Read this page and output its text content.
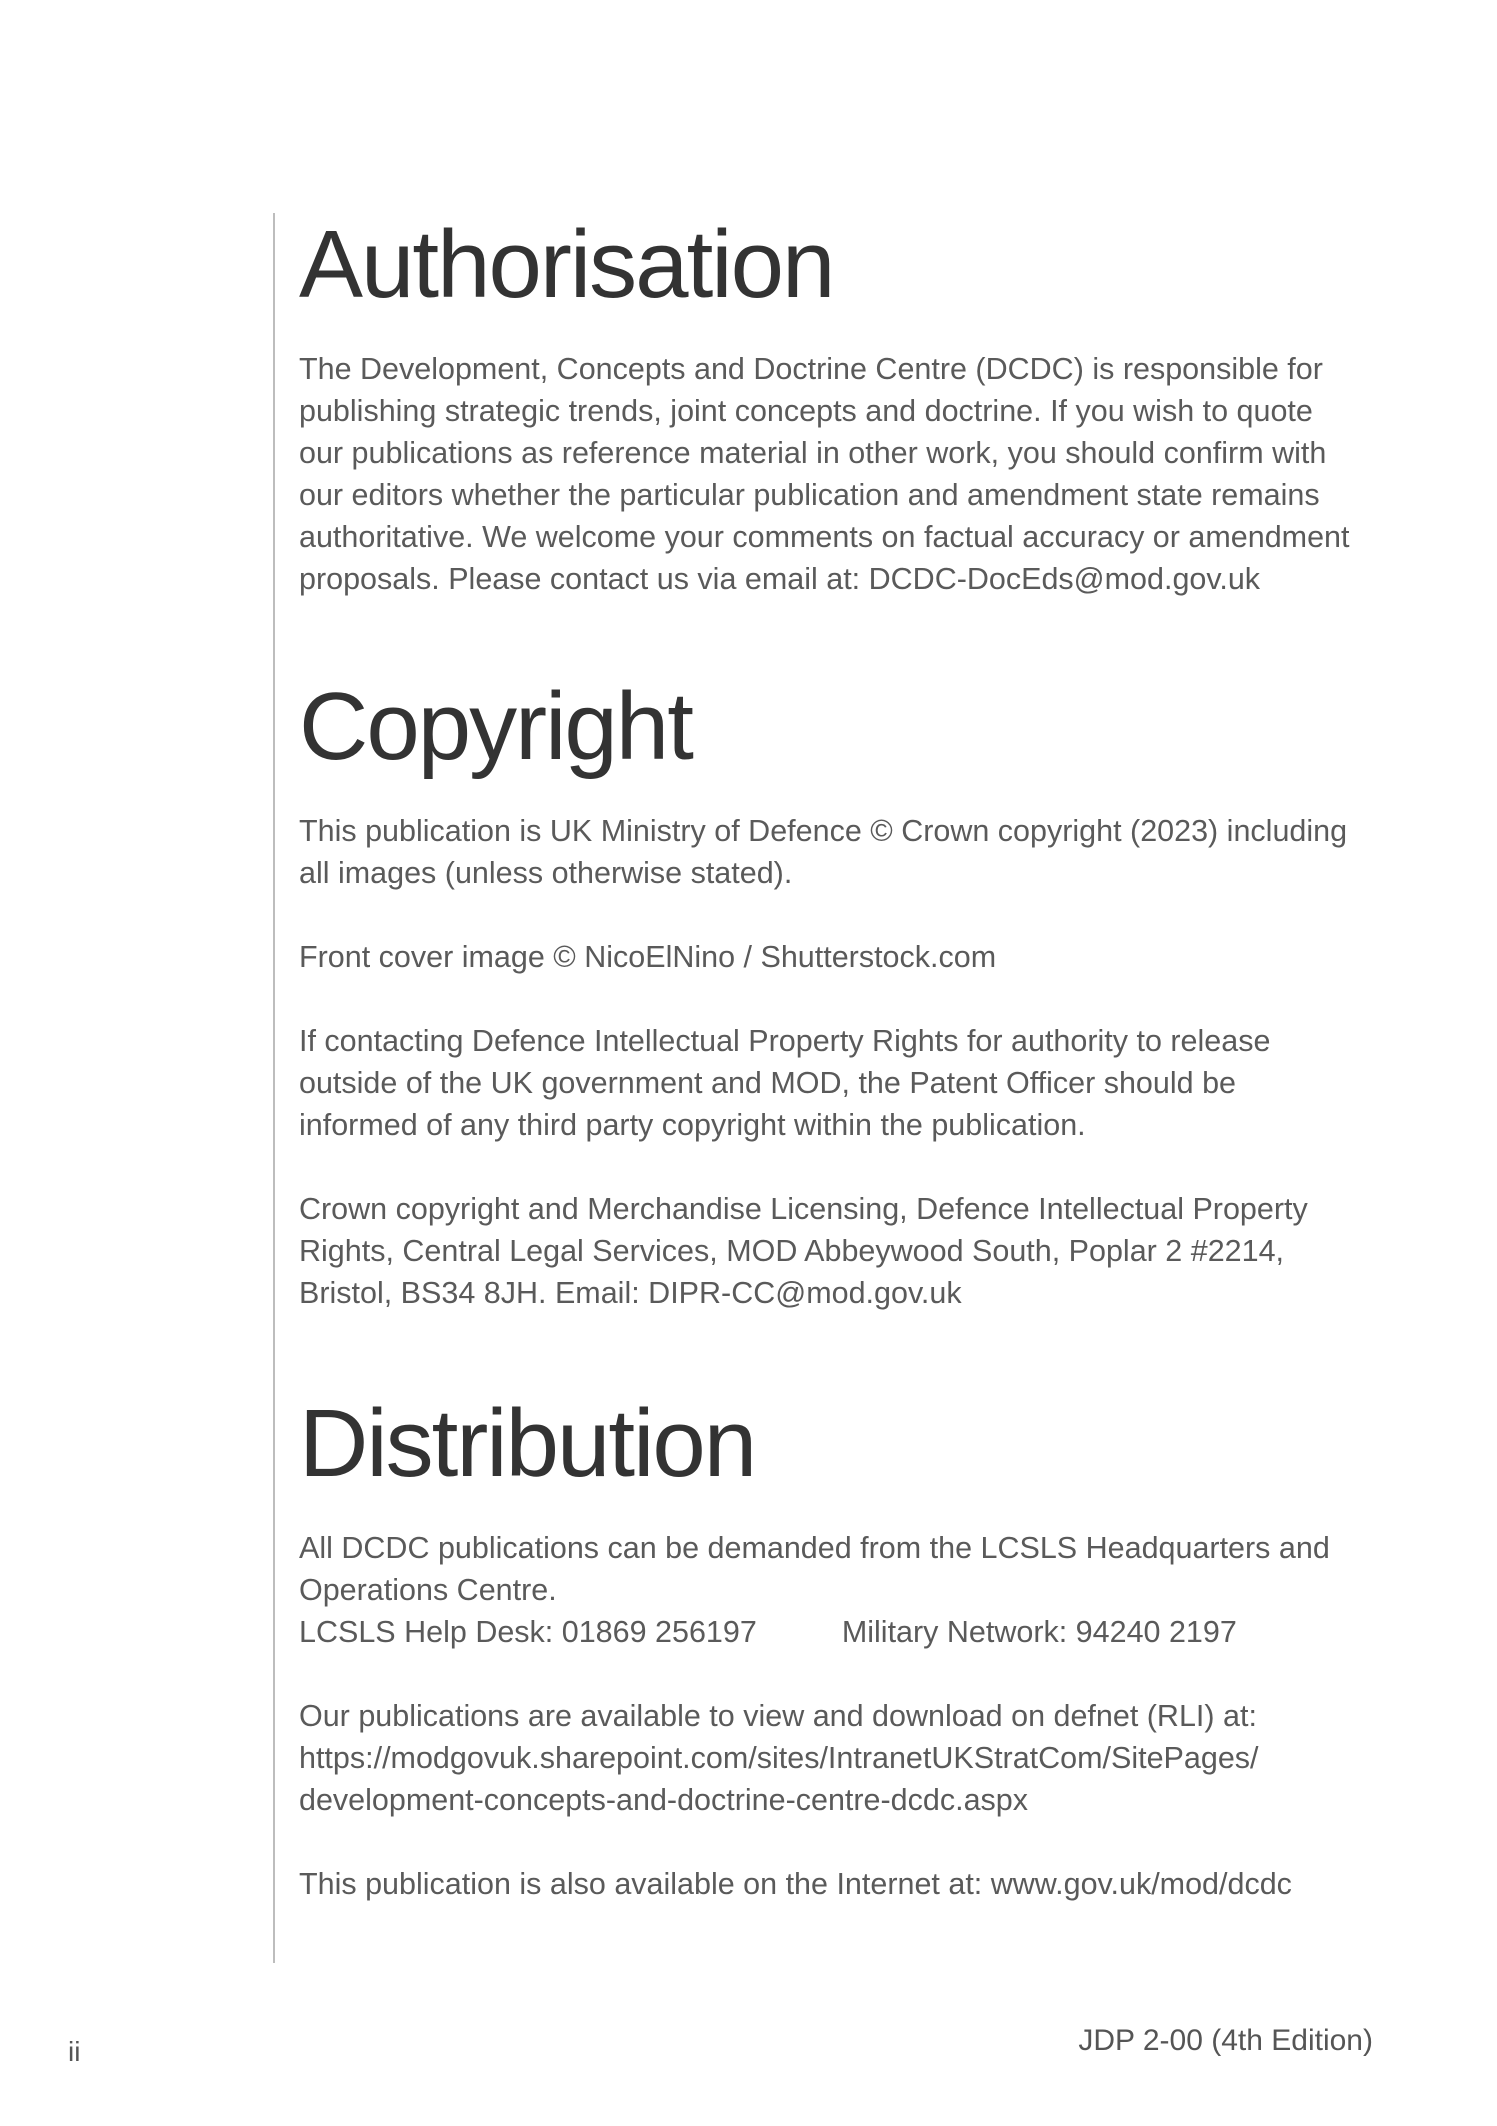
Authorisation

The Development, Concepts and Doctrine Centre (DCDC) is responsible for
publishing strategic trends, joint concepts and doctrine. If you wish to quote
our publications as reference material in other work, you should confirm with
our editors whether the particular publication and amendment state remains
authoritative. We welcome your comments on factual accuracy or amendment
proposals. Please contact us via email at: DCDC-DocEds@mod.gov.uk

Copyright

This publication is UK Ministry of Defence © Crown copyright (2023) including
all images (unless otherwise stated).

Front cover image © NicoElNino / Shutterstock.com

If contacting Defence Intellectual Property Rights for authority to release
outside of the UK government and MOD, the Patent Officer should be
informed of any third party copyright within the publication.

Crown copyright and Merchandise Licensing, Defence Intellectual Property
Rights, Central Legal Services, MOD Abbeywood South, Poplar 2 #2214,
Bristol, BS34 8JH. Email: DIPR-CC@mod.gov.uk

Distribution

All DCDC publications can be demanded from the LCSLS Headquarters and
Operations Centre.
LCSLS Help Desk: 01869 256197	Military Network: 94240 2197

Our publications are available to view and download on defnet (RLI) at:
https://modgovuk.sharepoint.com/sites/IntranetUKStratCom/SitePages/
development-concepts-and-doctrine-centre-dcdc.aspx

This publication is also available on the Internet at: www.gov.uk/mod/dcdc

ii	JDP 2-00 (4th Edition)
